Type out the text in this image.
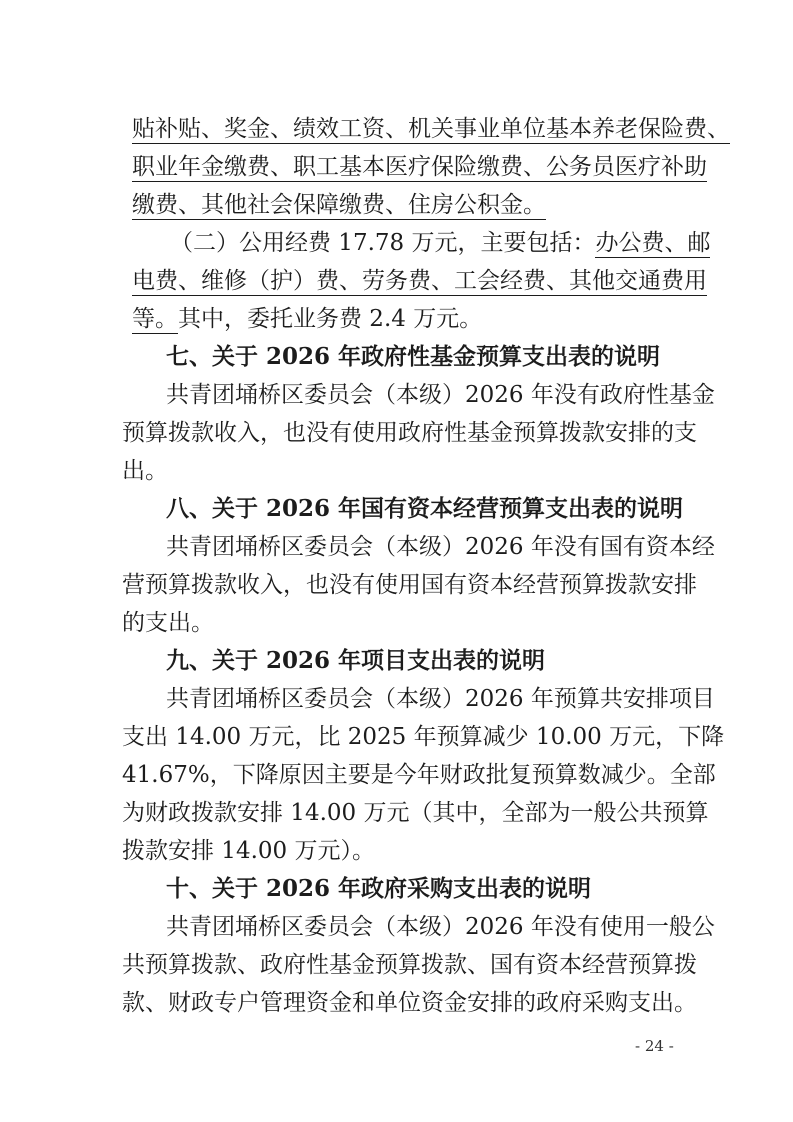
贴补贴、奖金、绩效工资、机关事业单位基本养老保险费、
职业年金缴费、职工基本医疗保险缴费、公务员医疗补助
缴费、其他社会保障缴费、住房公积金。
（二）公用经费 17.78 万元，主要包括：办公费、邮
电费、维修（护）费、劳务费、工会经费、其他交通费用
等。其中，委托业务费 2.4 万元。
七、关于 2026 年政府性基金预算支出表的说明
共青团埇桥区委员会（本级）2026 年没有政府性基金
预算拨款收入，也没有使用政府性基金预算拨款安排的支
出。
八、关于 2026 年国有资本经营预算支出表的说明
共青团埇桥区委员会（本级）2026 年没有国有资本经
营预算拨款收入，也没有使用国有资本经营预算拨款安排
的支出。
九、关于 2026 年项目支出表的说明
共青团埇桥区委员会（本级）2026 年预算共安排项目
支出 14.00 万元，比 2025 年预算减少 10.00 万元，下降
41.67%，下降原因主要是今年财政批复预算数减少。全部
为财政拨款安排 14.00 万元（其中，全部为一般公共预算
拨款安排 14.00 万元）。
十、关于 2026 年政府采购支出表的说明
共青团埇桥区委员会（本级）2026 年没有使用一般公
共预算拨款、政府性基金预算拨款、国有资本经营预算拨
款、财政专户管理资金和单位资金安排的政府采购支出。
- 24 -
